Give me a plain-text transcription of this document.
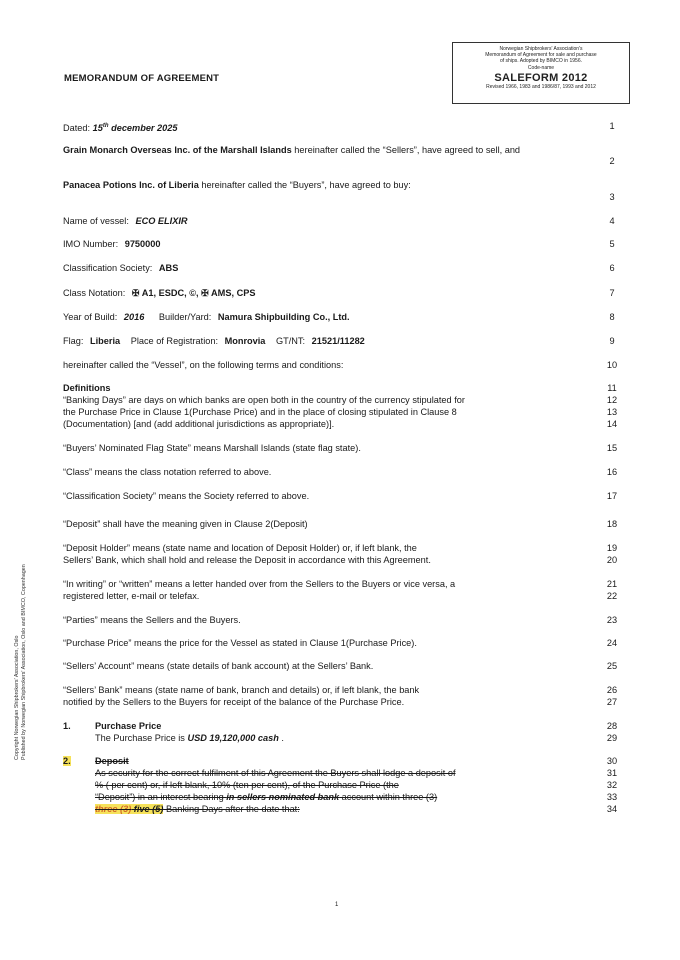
MEMORANDUM OF AGREEMENT
Norwegian Shipbrokers' Association's
Memorandum of Agreement for sale and purchase
of ships. Adopted by BIMCO in 1956.
Code-name
SALEFORM 2012
Revised 1966, 1983 and 1986/87, 1993 and 2012
Copyright Norwegian Shipbrokers' Association, Oslo Published by Norwegian Shipbrokers' Association, Oslo and BIMCO, Copenhagen
Dated: 15th december 2025
Grain Monarch Overseas Inc. of the Marshall Islands hereinafter called the “Sellers”, have agreed to sell, and
Panacea Potions Inc. of Liberia hereinafter called the “Buyers”, have agreed to buy:
Name of vessel: ECO ELIXIR
IMO Number: 9750000
Classification Society: ABS
Class Notation: ✠ A1, ESDC, ©, ✠ AMS, CPS
Year of Build: 2016 Builder/Yard: Namura Shipbuilding Co., Ltd.
Flag: Liberia Place of Registration: Monrovia GT/NT: 21521/11282
hereinafter called the “Vessel”, on the following terms and conditions:
Definitions
“Banking Days” are days on which banks are open both in the country of the currency stipulated for
the Purchase Price in Clause 1(Purchase Price) and in the place of closing stipulated in Clause 8
(Documentation) [and (add additional jurisdictions as appropriate)].
“Buyers’ Nominated Flag State” means Marshall Islands (state flag state).
“Class” means the class notation referred to above.
“Classification Society” means the Society referred to above.
“Deposit” shall have the meaning given in Clause 2(Deposit)
“Deposit Holder” means (state name and location of Deposit Holder) or, if left blank, the
Sellers’ Bank, which shall hold and release the Deposit in accordance with this Agreement.
“In writing” or “written” means a letter handed over from the Sellers to the Buyers or vice versa, a
registered letter, e-mail or telefax.
“Parties” means the Sellers and the Buyers.
“Purchase Price” means the price for the Vessel as stated in Clause 1(Purchase Price).
“Sellers’ Account” means (state details of bank account) at the Sellers’ Bank.
“Sellers’ Bank” means (state name of bank, branch and details) or, if left blank, the bank
notified by the Sellers to the Buyers for receipt of the balance of the Purchase Price.
1.	Purchase Price
The Purchase Price is USD 19,120,000 cash .
2.	Deposit
As security for the correct fulfilment of this Agreement the Buyers shall lodge a deposit of
% ( per cent) or, if left blank, 10% (ten per cent), of the Purchase Price (the
“Deposit”) in an interest bearing in sellers nominated bank account within three (3)
three (3) five (5) Banking Days after the date that:
1
2
3
4
5
6
7
8
9
10
11
12
13
14
15
16
17
18
19
20
21
22
23
24
25
26
27
28
29
30
31
32
33
34
1
